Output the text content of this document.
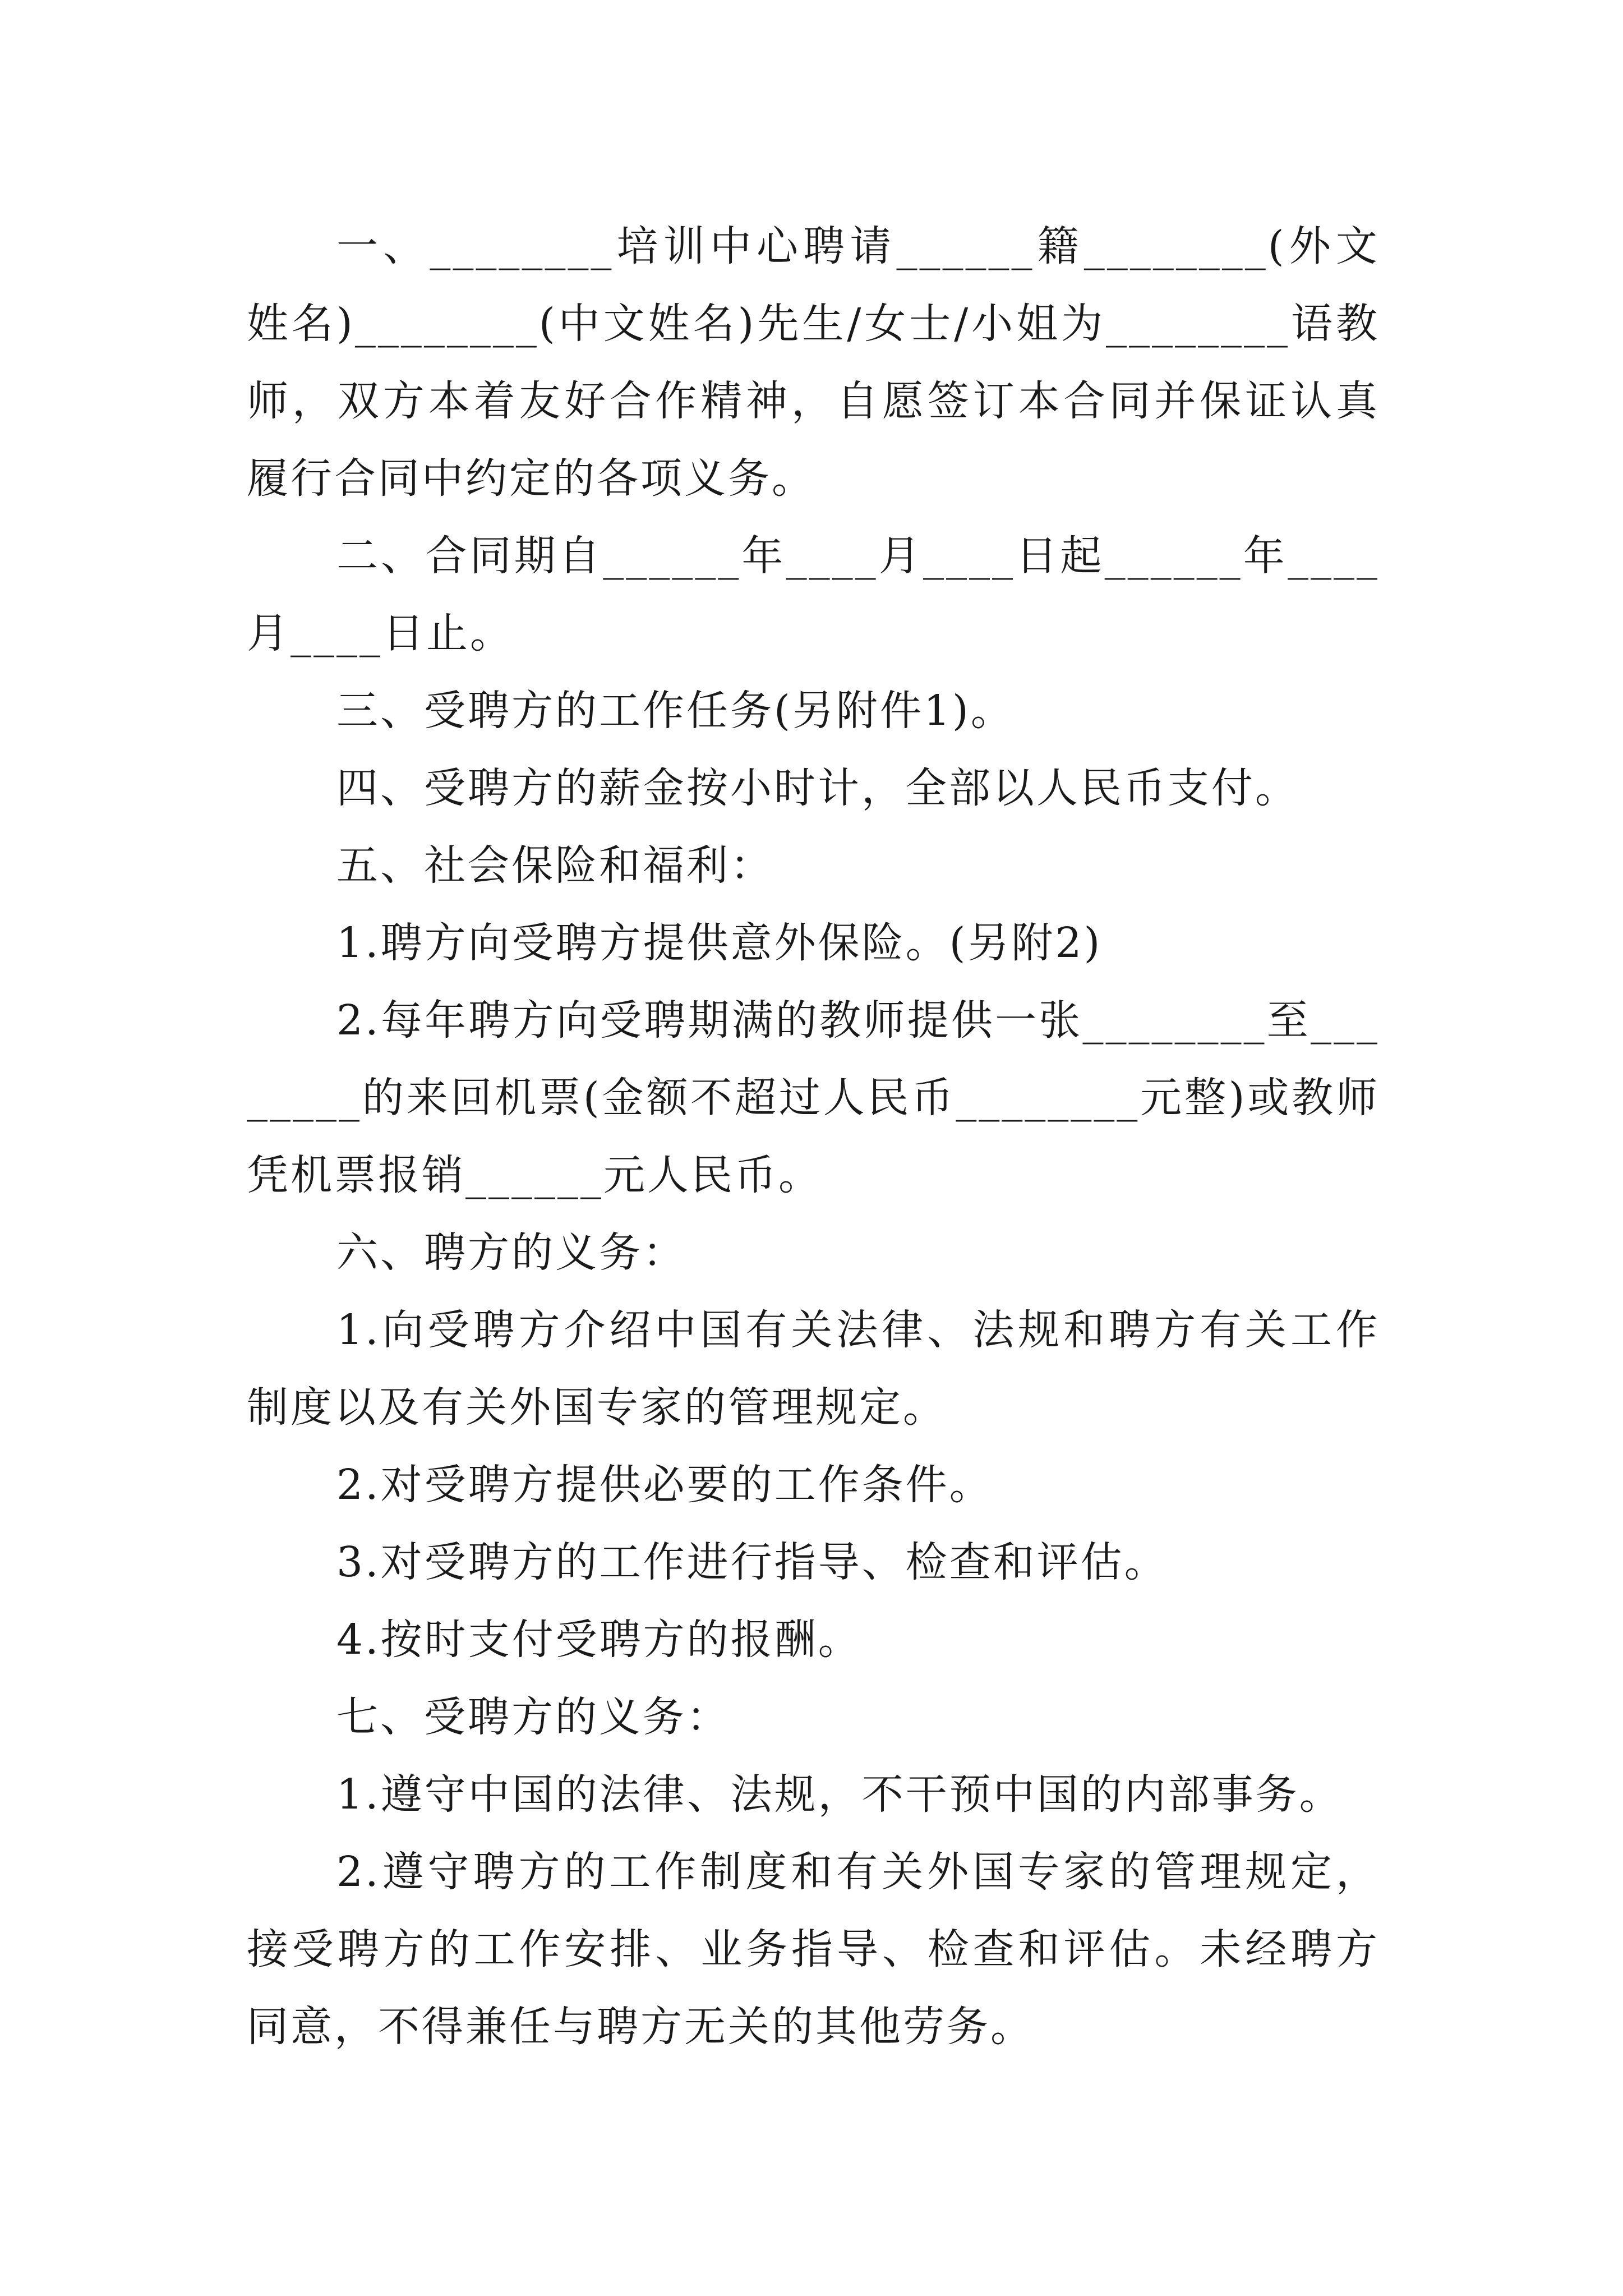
一、________培训中心聘请______籍________(外文姓名)________(中文姓名)先生/女士/小姐为________语教师，双方本着友好合作精神，自愿签订本合同并保证认真履行合同中约定的各项义务。

二、合同期自______年____月____日起______年____月____日止。

三、受聘方的工作任务(另附件1)。

四、受聘方的薪金按小时计，全部以人民币支付。

五、社会保险和福利：

1.聘方向受聘方提供意外保险。(另附2)

2.每年聘方向受聘期满的教师提供一张________至________的来回机票(金额不超过人民币________元整)或教师凭机票报销______元人民币。

六、聘方的义务：

1.向受聘方介绍中国有关法律、法规和聘方有关工作制度以及有关外国专家的管理规定。

2.对受聘方提供必要的工作条件。

3.对受聘方的工作进行指导、检查和评估。

4.按时支付受聘方的报酬。

七、受聘方的义务：

1.遵守中国的法律、法规，不干预中国的内部事务。

2.遵守聘方的工作制度和有关外国专家的管理规定，接受聘方的工作安排、业务指导、检查和评估。未经聘方同意，不得兼任与聘方无关的其他劳务。
